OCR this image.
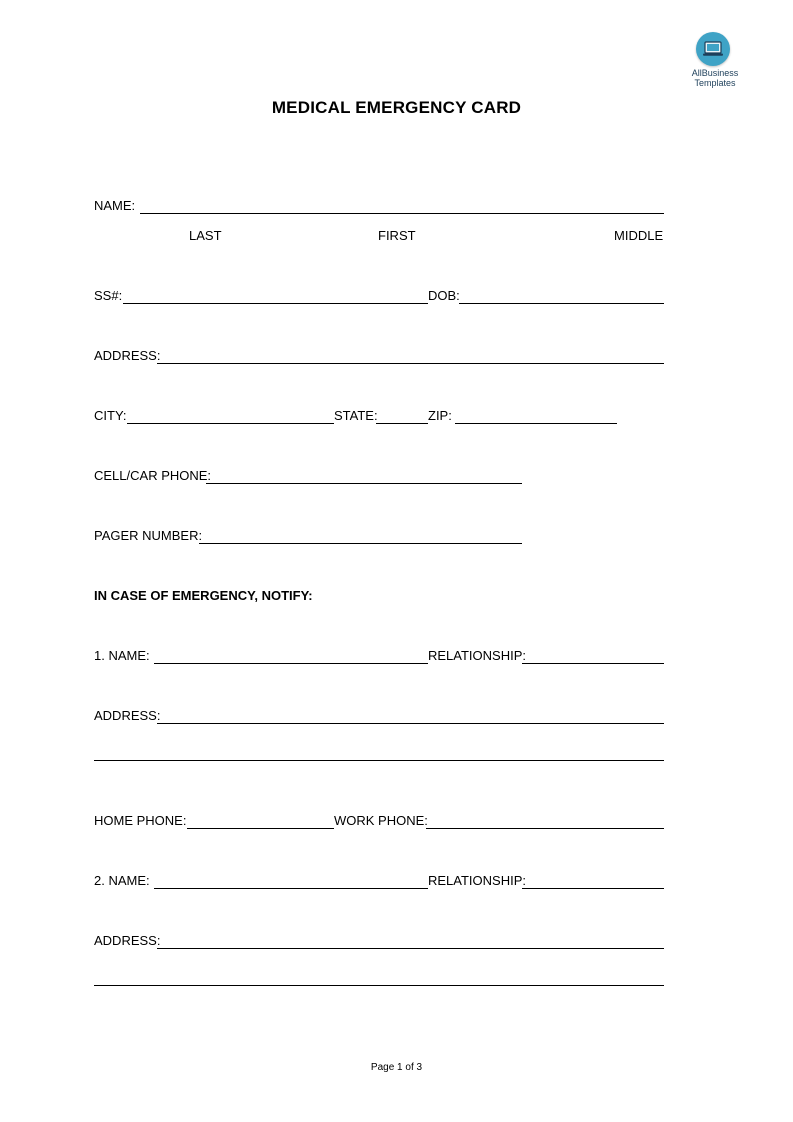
AllBusiness
Templates
MEDICAL EMERGENCY CARD
NAME:
LAST	FIRST	MIDDLE
SS#:	DOB:
ADDRESS:
CITY:	STATE:	ZIP:
CELL/CAR PHONE:
PAGER NUMBER:
IN CASE OF EMERGENCY, NOTIFY:
1. NAME:	RELATIONSHIP:
ADDRESS:
HOME PHONE:	WORK PHONE:
2. NAME:	RELATIONSHIP:
ADDRESS:
Page 1 of 3
